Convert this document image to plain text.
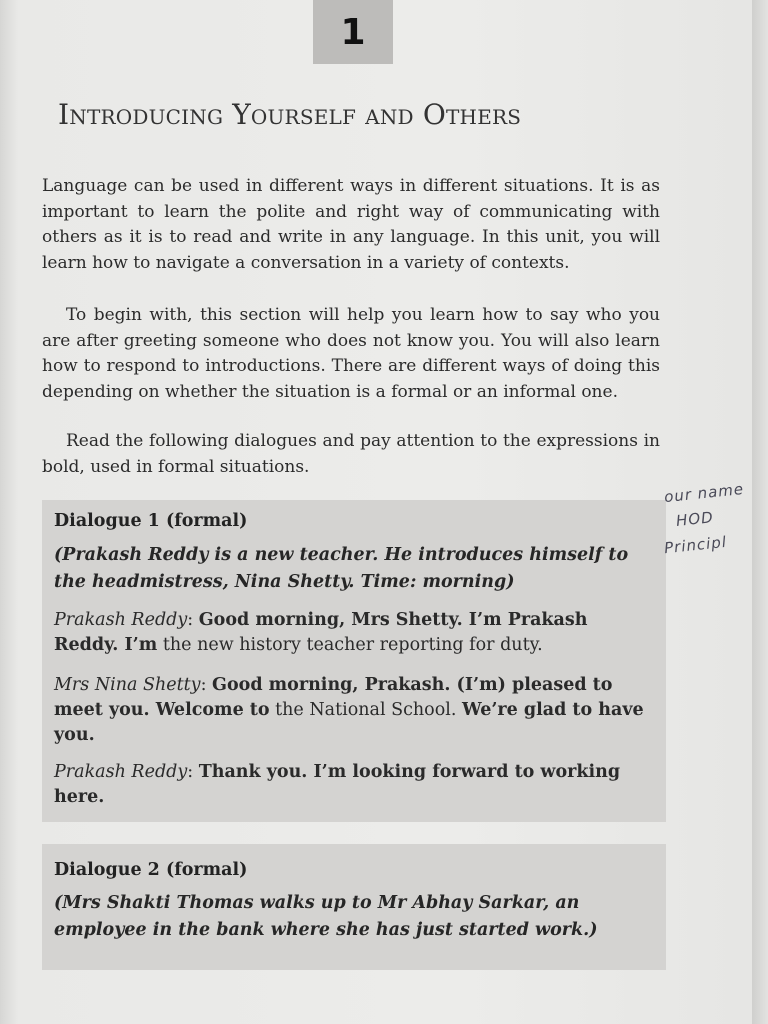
1
Introducing Yourself and Others
Language can be used in different ways in different situations. It is as important to learn the polite and right way of communicating with others as it is to read and write in any language. In this unit, you will learn how to navigate a conversation in a variety of contexts.
To begin with, this section will help you learn how to say who you are after greeting someone who does not know you. You will also learn how to respond to introductions. There are different ways of doing this depending on whether the situation is a formal or an informal one.
Read the following dialogues and pay attention to the expressions in bold, used in formal situations.
Dialogue 1 (formal)
(Prakash Reddy is a new teacher. He introduces himself to the headmistress, Nina Shetty. Time: morning)
Prakash Reddy: Good morning, Mrs Shetty. I’m Prakash Reddy. I’m the new history teacher reporting for duty.
Mrs Nina Shetty: Good morning, Prakash. (I’m) pleased to meet you. Welcome to the National School. We’re glad to have you.
Prakash Reddy: Thank you. I’m looking forward to working here.
Dialogue 2 (formal)
(Mrs Shakti Thomas walks up to Mr Abhay Sarkar, an employee in the bank where she has just started work.)
our name
HOD
Principl
